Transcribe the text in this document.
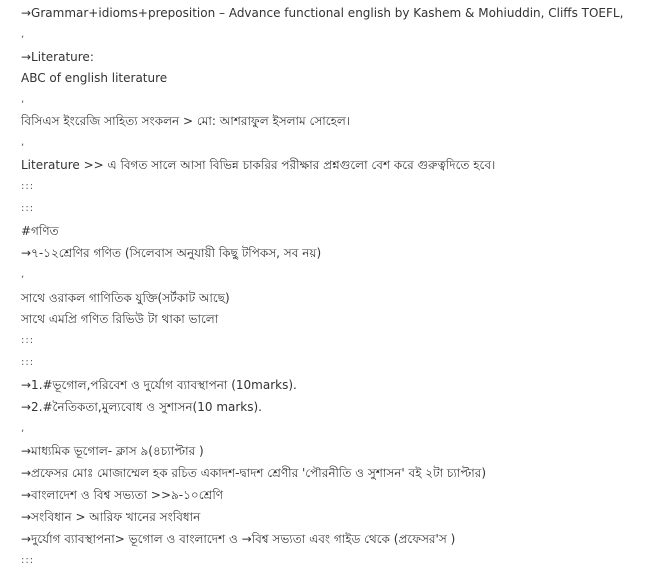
→Grammar+idioms+preposition – Advance functional english by Kashem & Mohiuddin, Cliffs TOEFL,
,
→Literature:
ABC of english literature
,
বিসিএস ইংরেজি সাহিত্য সংকলন > মো: আশরাফুল ইসলাম সোহেল।
,
Literature >> এ বিগত সালে আসা বিভিন্ন চাকরির পরীক্ষার প্রশ্নগুলো বেশ করে গুরুত্বদিতে হবে।
:::
:::
#গণিত
→৭-১২শ্রেণির গণিত (সিলেবাস অনুযায়ী কিছু টপিকস, সব নয়)
,
সাথে ওরাকল গাণিতিক যুক্তি(সর্টকাট আছে)
সাথে এমপ্রি গণিত রিভিউ টা থাকা ভালো
:::
:::
→1.#ভূগোল,পরিবেশ ও দুর্যোগ ব্যাবস্থাপনা (10marks).
→2.#নৈতিকতা,মুল্যবোধ ও সুশাসন(10 marks).
,
→মাধ্যমিক ভূগোল- ক্লাস ৯(৪চ্যাপ্টার )
→প্রফেসর মোঃ মোজাম্মেল হক রচিত একাদশ-দ্বাদশ শ্রেণীর 'পৌরনীতি ও সুশাসন' বই ২টা চ্যাপ্টার)
→বাংলাদেশ ও বিশ্ব সভ্যতা >>৯-১০শ্রেণি
→সংবিধান > আরিফ খানের সংবিধান
→দুর্যোগ ব্যাবস্থাপনা> ভূগোল ও বাংলাদেশ ও →বিশ্ব সভ্যতা এবং গাইড থেকে (প্রফেসর'স )
:::
